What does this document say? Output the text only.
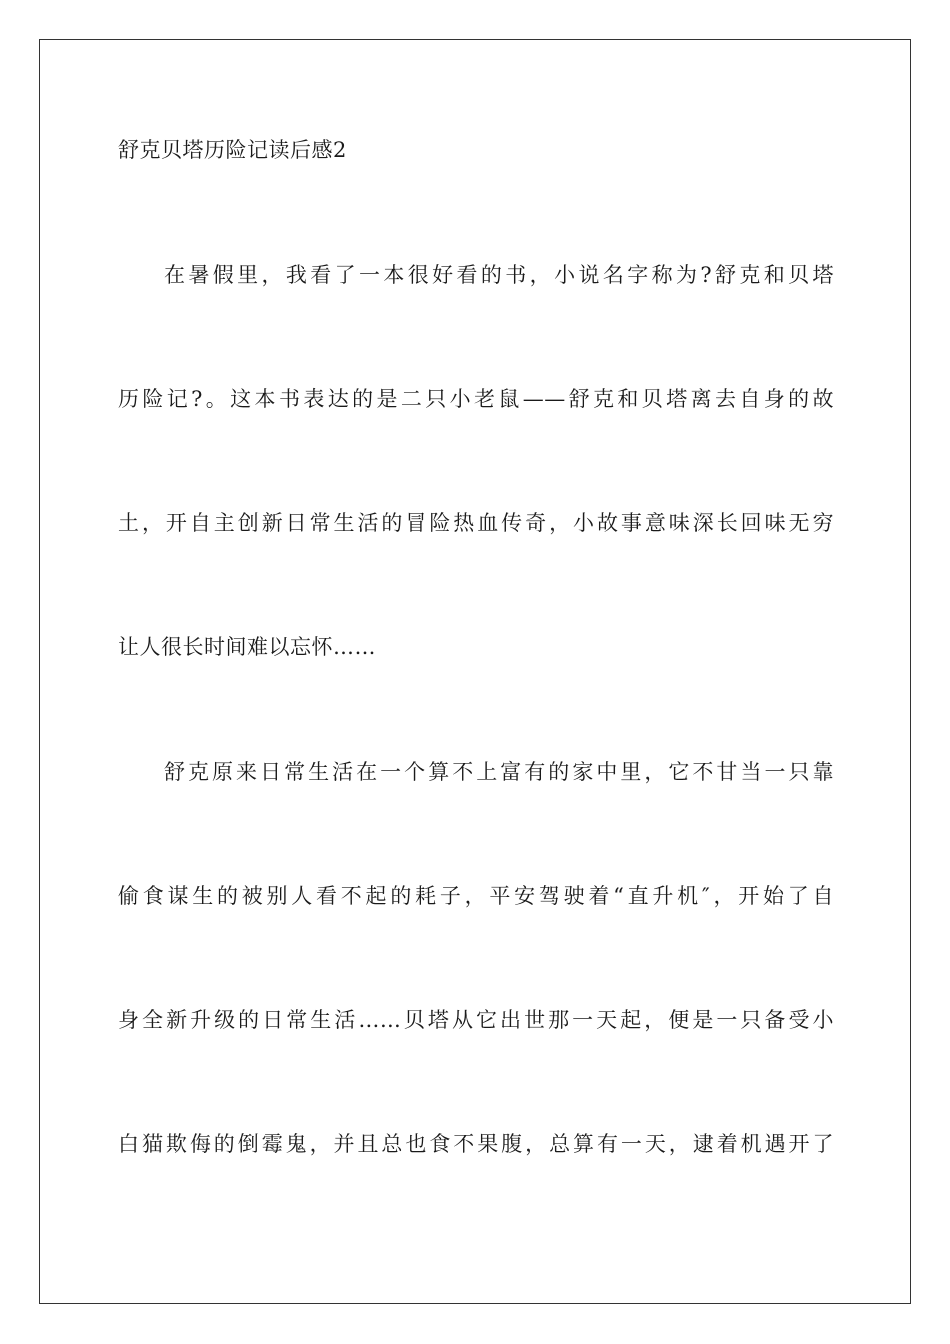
舒克贝塔历险记读后感2
在暑假里，我看了一本很好看的书，小说名字称为?舒克和贝塔
历险记?。这本书表达的是二只小老鼠——舒克和贝塔离去自身的故
土，开自主创新日常生活的冒险热血传奇，小故事意味深长回味无穷
让人很长时间难以忘怀……
舒克原来日常生活在一个算不上富有的家中里，它不甘当一只靠
偷食谋生的被别人看不起的耗子，平安驾驶着“直升机″，开始了自
身全新升级的日常生活……贝塔从它出世那一天起，便是一只备受小
白猫欺侮的倒霉鬼，并且总也食不果腹，总算有一天，逮着机遇开了
